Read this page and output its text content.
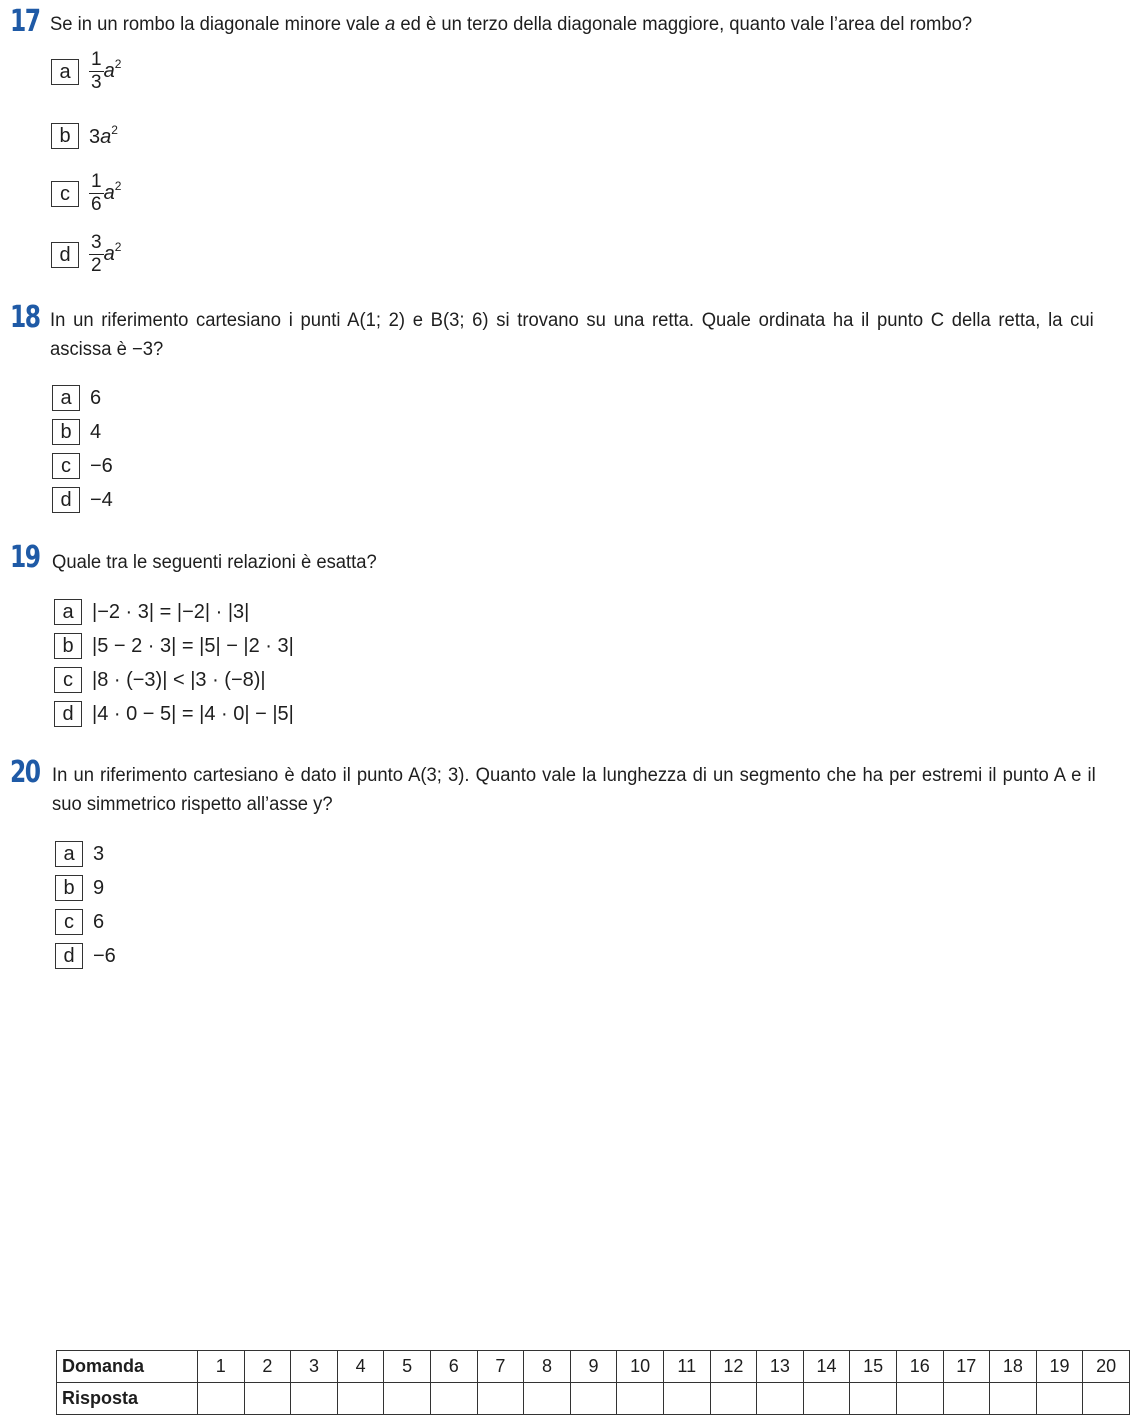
17 Se in un rombo la diagonale minore vale a ed è un terzo della diagonale maggiore, quanto vale l’area del rombo?
a $\frac{1}{3} a^2$
b $3a^2$
c	$\frac{1}{6} a^2$
d $\frac{3}{2} a^2$
18 In un riferimento cartesiano i punti A(1; 2) e B(3; 6) si trovano su una retta. Quale ordinata ha il punto C della retta, la cui ascissa è −3?
a 6
b 4
c −6
d −4
19 Quale tra le seguenti relazioni è esatta?
a |−2 · 3| = |−2| · |3|
b |5 − 2 · 3| = |5| − |2 · 3|
c |8 · (−3)| < |3 · (−8)|
d |4 · 0 − 5| = |4 · 0| − |5|
20 In un riferimento cartesiano è dato il punto A(3; 3). Quanto vale la lunghezza di un segmento che ha per estremi il punto A e il suo simmetrico rispetto all’asse y?
a 3
b 9
c 6
d −6
Domanda	1	2	3	4	5	6	7	8	9	10	11	12	13	14	15	16	17	18	19	20
Risposta																				
